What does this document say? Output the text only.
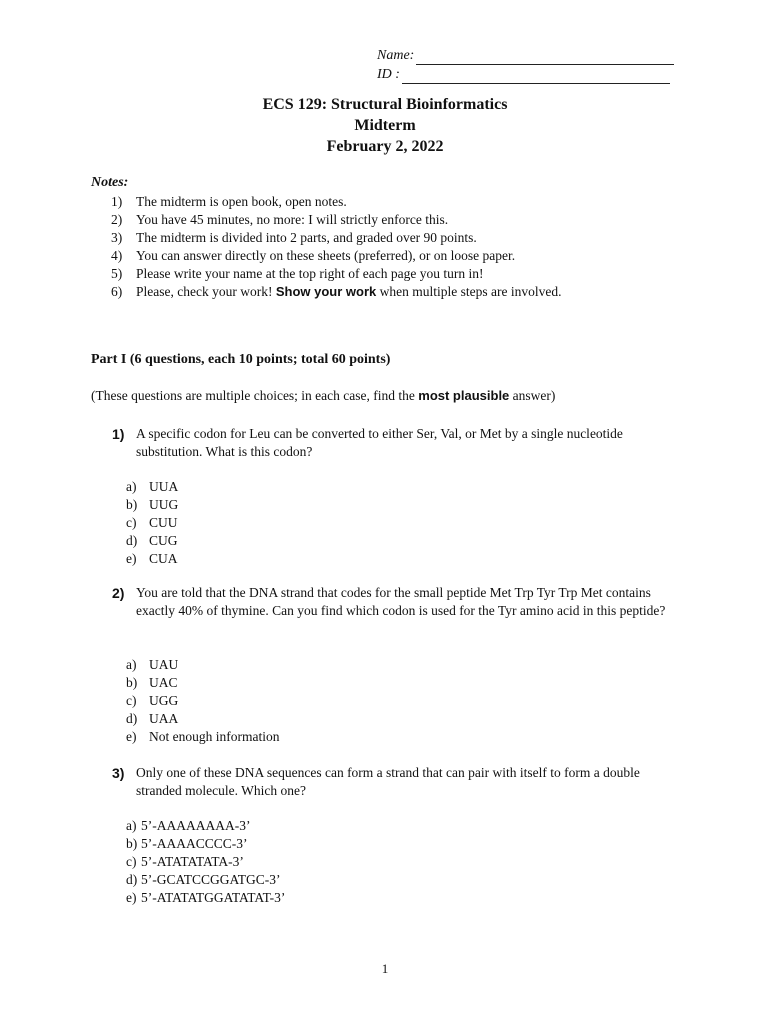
Name:
ID :
ECS 129: Structural Bioinformatics
Midterm
February 2, 2022
Notes:
1)	The midterm is open book, open notes.
2)	You have 45 minutes, no more: I will strictly enforce this.
3)	The midterm is divided into 2 parts, and graded over 90 points.
4)	You can answer directly on these sheets (preferred), or on loose paper.
5)	Please write your name at the top right of each page you turn in!
6)	Please, check your work! Show your work when multiple steps are involved.
Part I (6 questions, each 10 points; total 60 points)
(These questions are multiple choices; in each case, find the most plausible answer)
1) A specific codon for Leu can be converted to either Ser, Val, or Met by a single nucleotide substitution. What is this codon?
a) UUA
b) UUG
c) CUU
d) CUG
e) CUA
2) You are told that the DNA strand that codes for the small peptide Met Trp Tyr Trp Met contains exactly 40% of thymine. Can you find which codon is used for the Tyr amino acid in this peptide?
a) UAU
b) UAC
c) UGG
d) UAA
e) Not enough information
3) Only one of these DNA sequences can form a strand that can pair with itself to form a double stranded molecule. Which one?
a) 5’-AAAAAAAA-3’
b) 5’-AAAACCCC-3’
c) 5’-ATATATATA-3’
d) 5’-GCATCCGGATGC-3’
e) 5’-ATATATGGATATAT-3’
1
